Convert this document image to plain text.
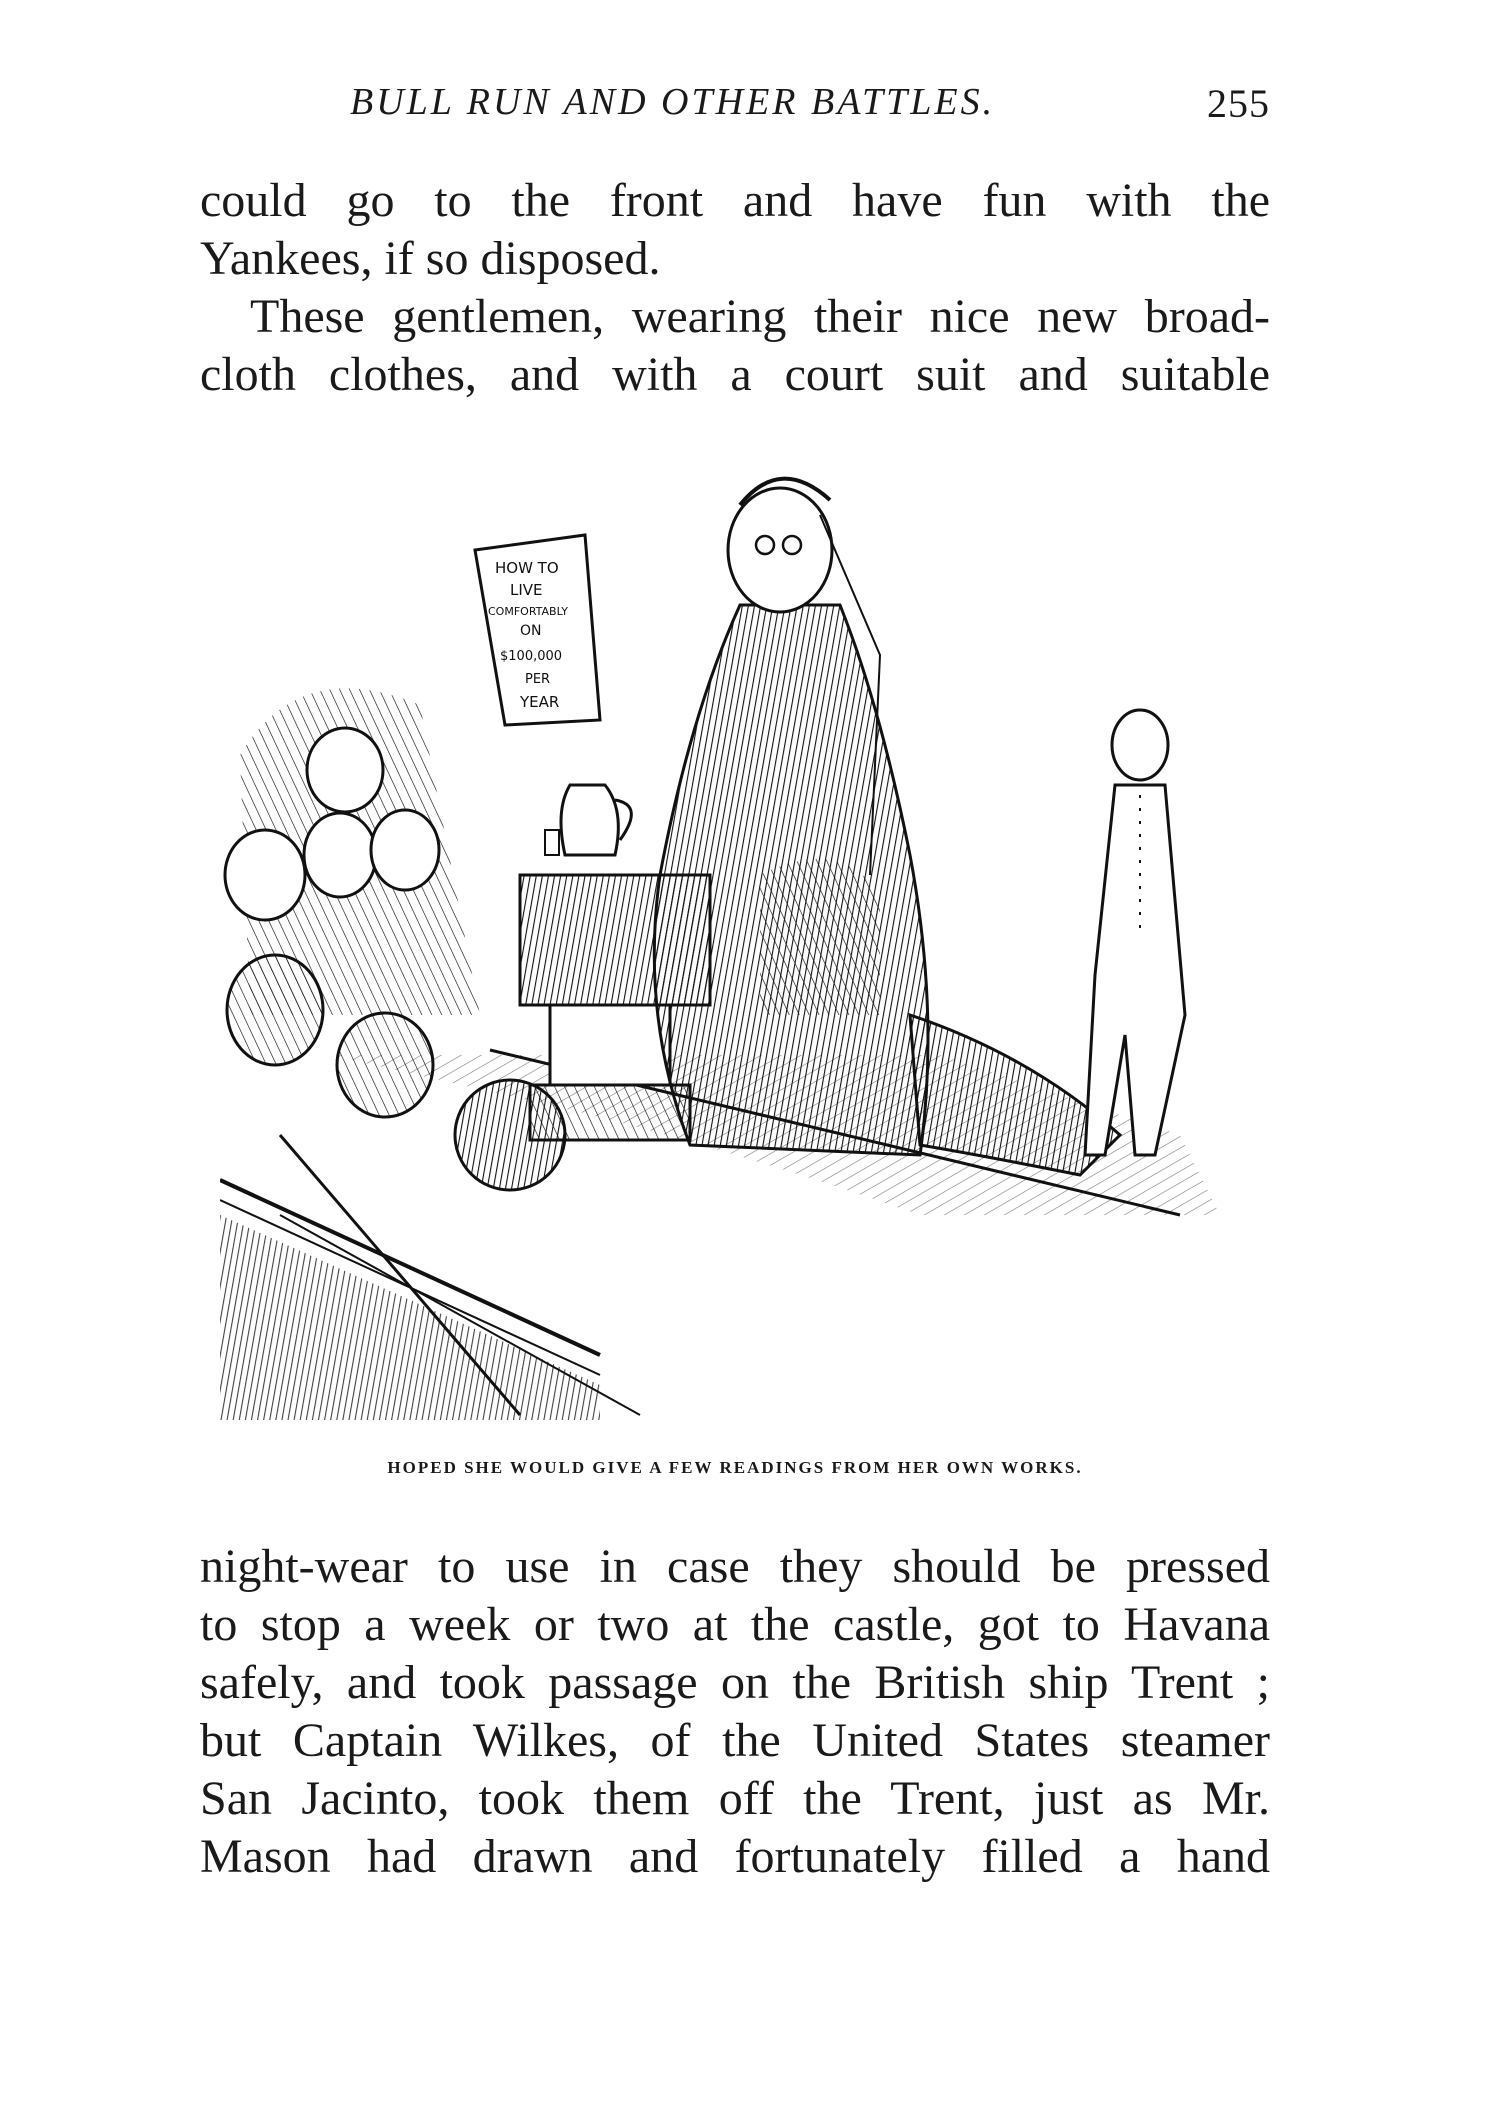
BULL RUN AND OTHER BATTLES.	255
could go to the front and have fun with the
Yankees, if so disposed.
These gentlemen, wearing their nice new broad-
cloth clothes, and with a court suit and suitable
HOW TO
LIVE
COMFORTABLY
ON
$100,000
PER
YEAR
HOPED SHE WOULD GIVE A FEW READINGS FROM HER OWN WORKS.
night-wear to use in case they should be pressed
to stop a week or two at the castle, got to Havana
safely, and took passage on the British ship Trent ;
but Captain Wilkes, of the United States steamer
San Jacinto, took them off the Trent, just as Mr.
Mason had drawn and fortunately filled a hand
